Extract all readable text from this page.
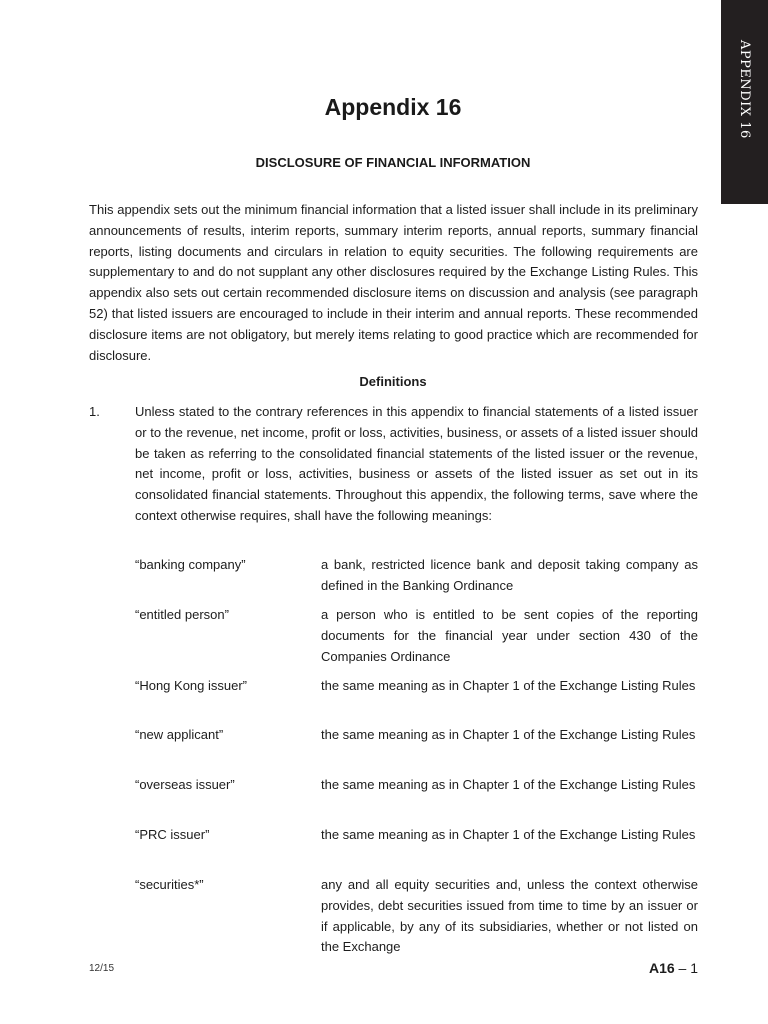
APPENDIX 16
Appendix 16
DISCLOSURE OF FINANCIAL INFORMATION
This appendix sets out the minimum financial information that a listed issuer shall include in its preliminary announcements of results, interim reports, summary interim reports, annual reports, summary financial reports, listing documents and circulars in relation to equity securities. The following requirements are supplementary to and do not supplant any other disclosures required by the Exchange Listing Rules. This appendix also sets out certain recommended disclosure items on discussion and analysis (see paragraph 52) that listed issuers are encouraged to include in their interim and annual reports. These recommended disclosure items are not obligatory, but merely items relating to good practice which are recommended for disclosure.
Definitions
1.	Unless stated to the contrary references in this appendix to financial statements of a listed issuer or to the revenue, net income, profit or loss, activities, business, or assets of a listed issuer should be taken as referring to the consolidated financial statements of the listed issuer or the revenue, net income, profit or loss, activities, business or assets of the listed issuer as set out in its consolidated financial statements. Throughout this appendix, the following terms, save where the context otherwise requires, shall have the following meanings:
“banking company”	a bank, restricted licence bank and deposit taking company as defined in the Banking Ordinance
“entitled person”	a person who is entitled to be sent copies of the reporting documents for the financial year under section 430 of the Companies Ordinance
“Hong Kong issuer”	the same meaning as in Chapter 1 of the Exchange Listing Rules
“new applicant”	the same meaning as in Chapter 1 of the Exchange Listing Rules
“overseas issuer”	the same meaning as in Chapter 1 of the Exchange Listing Rules
“PRC issuer”	the same meaning as in Chapter 1 of the Exchange Listing Rules
“securities*”	any and all equity securities and, unless the context otherwise provides, debt securities issued from time to time by an issuer or if applicable, by any of its subsidiaries, whether or not listed on the Exchange
12/15	A16 – 1
